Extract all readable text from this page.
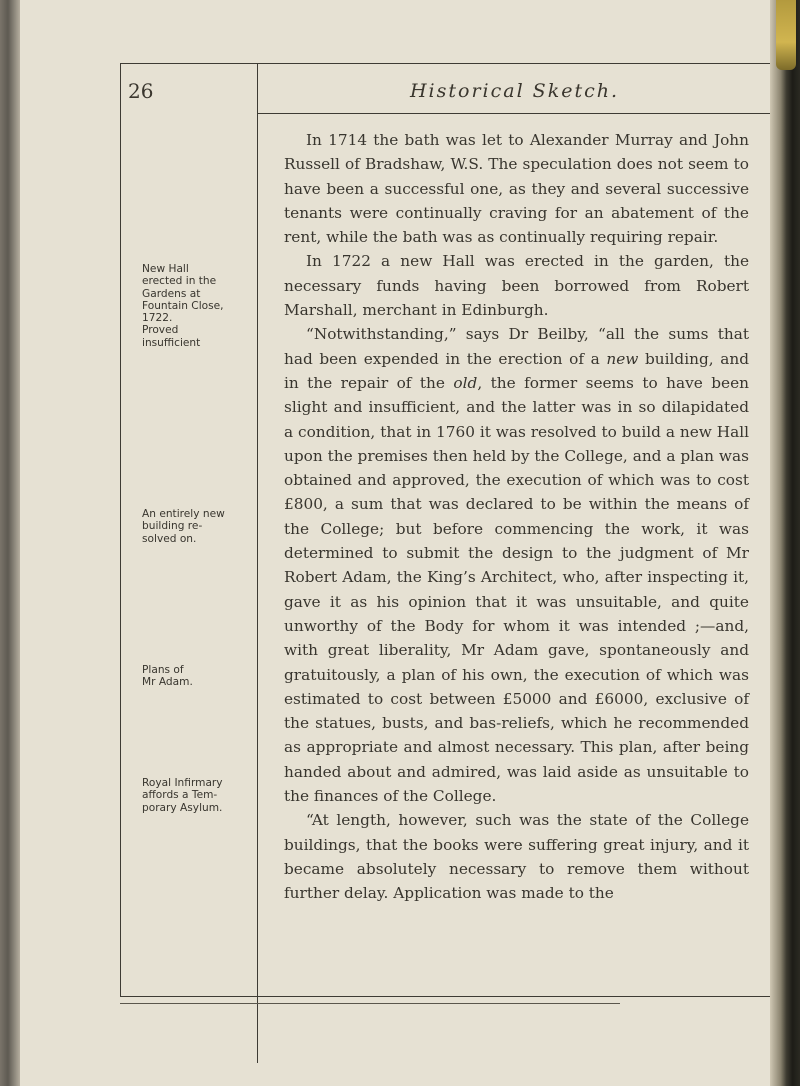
26	Historical Sketch.
New Hall
erected in the
Gardens at
Fountain Close,
1722.
Proved
insufficient
An entirely new
building re-
solved on.
Plans of
Mr Adam.
Royal Infirmary
affords a Tem-
porary Asylum.

In 1714 the bath was let to Alexander Murray and John Russell of Bradshaw, W.S. The speculation does not seem to have been a successful one, as they and several successive tenants were continually craving for an abatement of the rent, while the bath was as continually requiring repair.

In 1722 a new Hall was erected in the garden, the necessary funds having been borrowed from Robert Marshall, merchant in Edinburgh.

“Notwithstanding,” says Dr Beilby, “all the sums that had been expended in the erection of a new building, and in the repair of the old, the former seems to have been slight and insufficient, and the latter was in so dilapidated a condition, that in 1760 it was resolved to build a new Hall upon the premises then held by the College, and a plan was obtained and approved, the execution of which was to cost £800, a sum that was declared to be within the means of the College; but before commencing the work, it was determined to submit the design to the judgment of Mr Robert Adam, the King’s Architect, who, after inspecting it, gave it as his opinion that it was unsuitable, and quite unworthy of the Body for whom it was intended ;—and, with great liberality, Mr Adam gave, spontaneously and gratuitously, a plan of his own, the execution of which was estimated to cost between £5000 and £6000, exclusive of the statues, busts, and bas-reliefs, which he recommended as appropriate and almost necessary. This plan, after being handed about and admired, was laid aside as unsuitable to the finances of the College.

“At length, however, such was the state of the College buildings, that the books were suffering great injury, and it became absolutely necessary to remove them without further delay. Application was made to the
